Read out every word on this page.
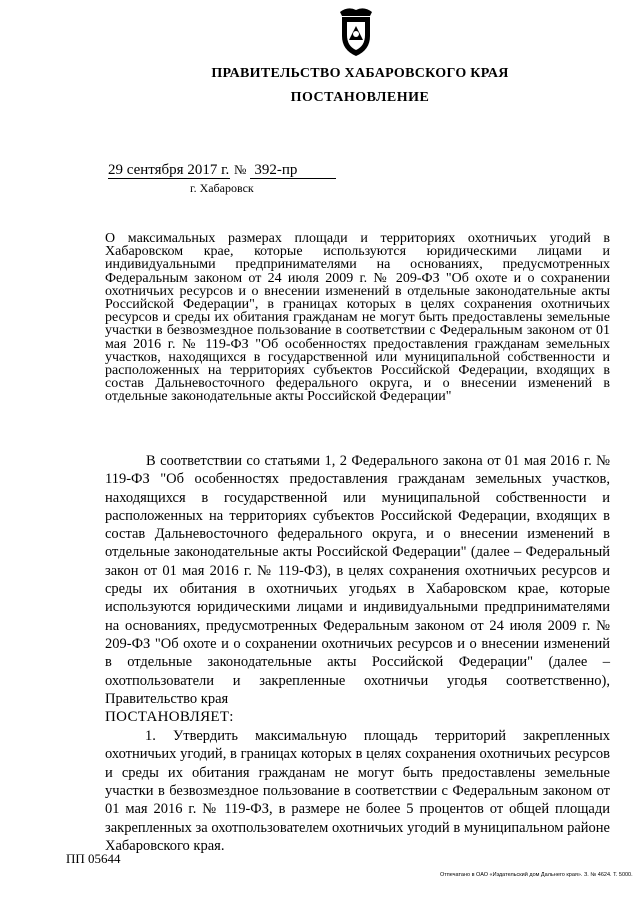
ПРАВИТЕЛЬСТВО ХАБАРОВСКОГО КРАЯ
ПОСТАНОВЛЕНИЕ
29 сентября 2017 г. № 392-пр
г. Хабаровск

О максимальных размерах площади и территориях охотничьих угодий в Хабаровском крае, которые используются юридическими лицами и индивидуальными предпринимателями на основаниях, предусмотренных Федеральным законом от 24 июля 2009 г. № 209-ФЗ "Об охоте и о сохранении охотничьих ресурсов и о внесении изменений в отдельные законодательные акты Российской Федерации", в границах которых в целях сохранения охотничьих ресурсов и среды их обитания гражданам не могут быть предоставлены земельные участки в безвозмездное пользование в соответствии с Федеральным законом от 01 мая 2016 г. № 119-ФЗ "Об особенностях предоставления гражданам земельных участков, находящихся в государственной или муниципальной собственности и расположенных на территориях субъектов Российской Федерации, входящих в состав Дальневосточного федерального округа, и о внесении изменений в отдельные законодательные акты Российской Федерации"

В соответствии со статьями 1, 2 Федерального закона от 01 мая 2016 г. № 119-ФЗ "Об особенностях предоставления гражданам земельных участков, находящихся в государственной или муниципальной собственности и расположенных на территориях субъектов Российской Федерации, входящих в состав Дальневосточного федерального округа, и о внесении изменений в отдельные законодательные акты Российской Федерации" (далее – Федеральный закон от 01 мая 2016 г. № 119-ФЗ), в целях сохранения охотничьих ресурсов и среды их обитания в охотничьих угодьях в Хабаровском крае, которые используются юридическими лицами и индивидуальными предпринимателями на основаниях, предусмотренных Федеральным законом от 24 июля 2009 г. № 209-ФЗ "Об охоте и о сохранении охотничьих ресурсов и о внесении изменений в отдельные законодательные акты Российской Федерации" (далее – охотпользователи и закрепленные охотничьи угодья соответственно), Правительство края

ПОСТАНОВЛЯЕТ:

1. Утвердить максимальную площадь территорий закрепленных охотничьих угодий, в границах которых в целях сохранения охотничьих ресурсов и среды их обитания гражданам не могут быть предоставлены земельные участки в безвозмездное пользование в соответствии с Федеральным законом от 01 мая 2016 г. № 119-ФЗ, в размере не более 5 процентов от общей площади закрепленных за охотпользователем охотничьих угодий в муниципальном районе Хабаровского края.

ПП 05644
Отпечатано в ОАО «Издательский дом Дальнего края». З. № 4624. Т. 5000.
